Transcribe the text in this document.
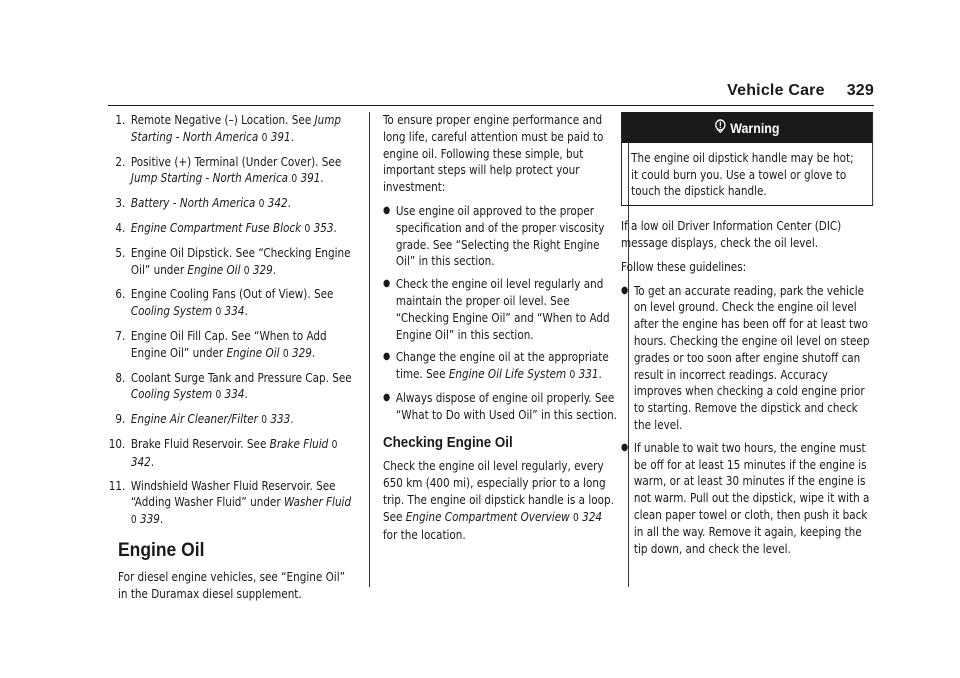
Vehicle Care 329
1. Remote Negative (–) Location. See Jump Starting - North America 0 391.
2. Positive (+) Terminal (Under Cover). See Jump Starting - North America 0 391.
3. Battery - North America 0 342.
4. Engine Compartment Fuse Block 0 353.
5. Engine Oil Dipstick. See “Checking Engine Oil” under Engine Oil 0 329.
6. Engine Cooling Fans (Out of View). See Cooling System 0 334.
7. Engine Oil Fill Cap. See “When to Add Engine Oil” under Engine Oil 0 329.
8. Coolant Surge Tank and Pressure Cap. See Cooling System 0 334.
9. Engine Air Cleaner/Filter 0 333.
10. Brake Fluid Reservoir. See Brake Fluid 0 342.
11. Windshield Washer Fluid Reservoir. See “Adding Washer Fluid” under Washer Fluid 0 339.
Engine Oil

For diesel engine vehicles, see “Engine Oil” in the Duramax diesel supplement.

To ensure proper engine performance and long life, careful attention must be paid to engine oil. Following these simple, but important steps will help protect your investment:

● Use engine oil approved to the proper specification and of the proper viscosity grade. See “Selecting the Right Engine Oil” in this section.
● Check the engine oil level regularly and maintain the proper oil level. See “Checking Engine Oil” and “When to Add Engine Oil” in this section.
● Change the engine oil at the appropriate time. See Engine Oil Life System 0 331.
● Always dispose of engine oil properly. See “What to Do with Used Oil” in this section.
Checking Engine Oil

Check the engine oil level regularly, every 650 km (400 mi), especially prior to a long trip. The engine oil dipstick handle is a loop. See Engine Compartment Overview 0 324 for the location.

Warning
The engine oil dipstick handle may be hot; it could burn you. Use a towel or glove to touch the dipstick handle.

If a low oil Driver Information Center (DIC) message displays, check the oil level.

Follow these guidelines:

● To get an accurate reading, park the vehicle on level ground. Check the engine oil level after the engine has been off for at least two hours. Checking the engine oil level on steep grades or too soon after engine shutoff can result in incorrect readings. Accuracy improves when checking a cold engine prior to starting. Remove the dipstick and check the level.
● If unable to wait two hours, the engine must be off for at least 15 minutes if the engine is warm, or at least 30 minutes if the engine is not warm. Pull out the dipstick, wipe it with a clean paper towel or cloth, then push it back in all the way. Remove it again, keeping the tip down, and check the level.
